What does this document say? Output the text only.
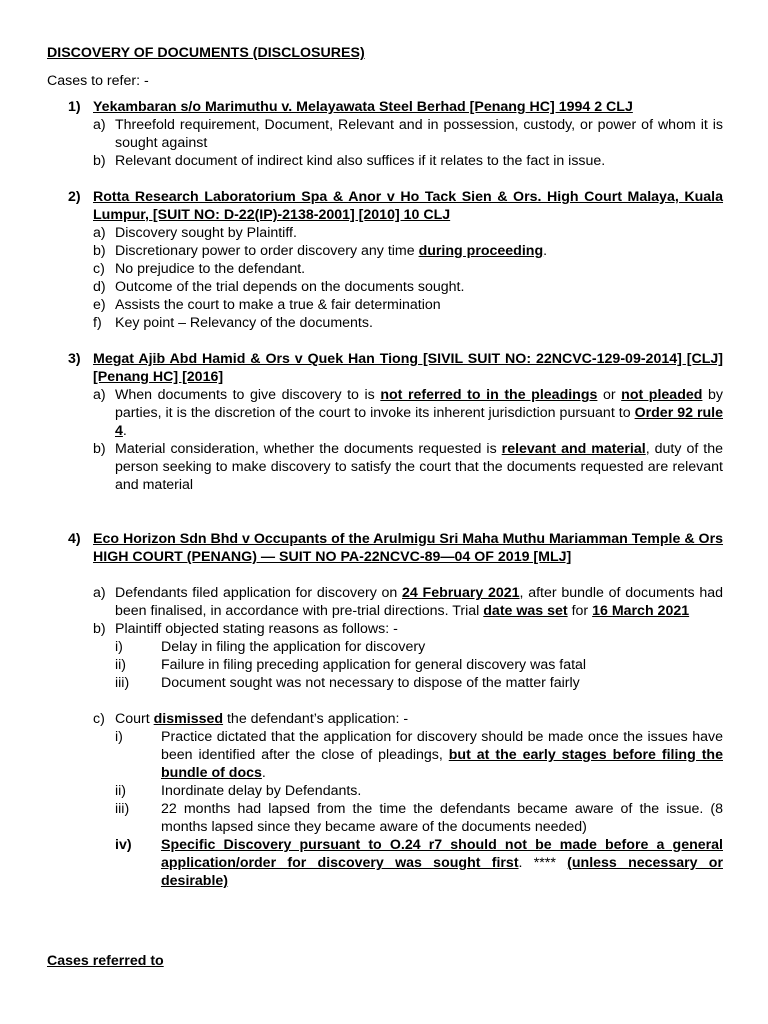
DISCOVERY OF DOCUMENTS (DISCLOSURES)
Cases to refer: -
1) Yekambaran s/o Marimuthu v. Melayawata Steel Berhad [Penang HC] 1994 2 CLJ
a) Threefold requirement, Document, Relevant and in possession, custody, or power of whom it is sought against
b) Relevant document of indirect kind also suffices if it relates to the fact in issue.
2) Rotta Research Laboratorium Spa & Anor v Ho Tack Sien & Ors. High Court Malaya, Kuala Lumpur, [SUIT NO: D-22(IP)-2138-2001] [2010] 10 CLJ
a) Discovery sought by Plaintiff.
b) Discretionary power to order discovery any time during proceeding.
c) No prejudice to the defendant.
d) Outcome of the trial depends on the documents sought.
e) Assists the court to make a true & fair determination
f) Key point – Relevancy of the documents.
3) Megat Ajib Abd Hamid & Ors v Quek Han Tiong [SIVIL SUIT NO: 22NCVC-129-09-2014] [CLJ] [Penang HC] [2016]
a) When documents to give discovery to is not referred to in the pleadings or not pleaded by parties, it is the discretion of the court to invoke its inherent jurisdiction pursuant to Order 92 rule 4.
b) Material consideration, whether the documents requested is relevant and material, duty of the person seeking to make discovery to satisfy the court that the documents requested are relevant and material
4) Eco Horizon Sdn Bhd v Occupants of the Arulmigu Sri Maha Muthu Mariamman Temple & Ors HIGH COURT (PENANG) — SUIT NO PA-22NCVC-89—04 OF 2019 [MLJ]
a) Defendants filed application for discovery on 24 February 2021, after bundle of documents had been finalised, in accordance with pre-trial directions. Trial date was set for 16 March 2021
b) Plaintiff objected stating reasons as follows: -
i)	Delay in filing the application for discovery
ii) Failure in filing preceding application for general discovery was fatal
iii) Document sought was not necessary to dispose of the matter fairly
c) Court dismissed the defendant’s application: -
i)	Practice dictated that the application for discovery should be made once the issues have been identified after the close of pleadings, but at the early stages before filing the bundle of docs.
ii) Inordinate delay by Defendants.
iii) 22 months had lapsed from the time the defendants became aware of the issue. (8 months lapsed since they became aware of the documents needed)
iv) Specific Discovery pursuant to O.24 r7 should not be made before a general application/order for discovery was sought first. **** (unless necessary or desirable)
Cases referred to
